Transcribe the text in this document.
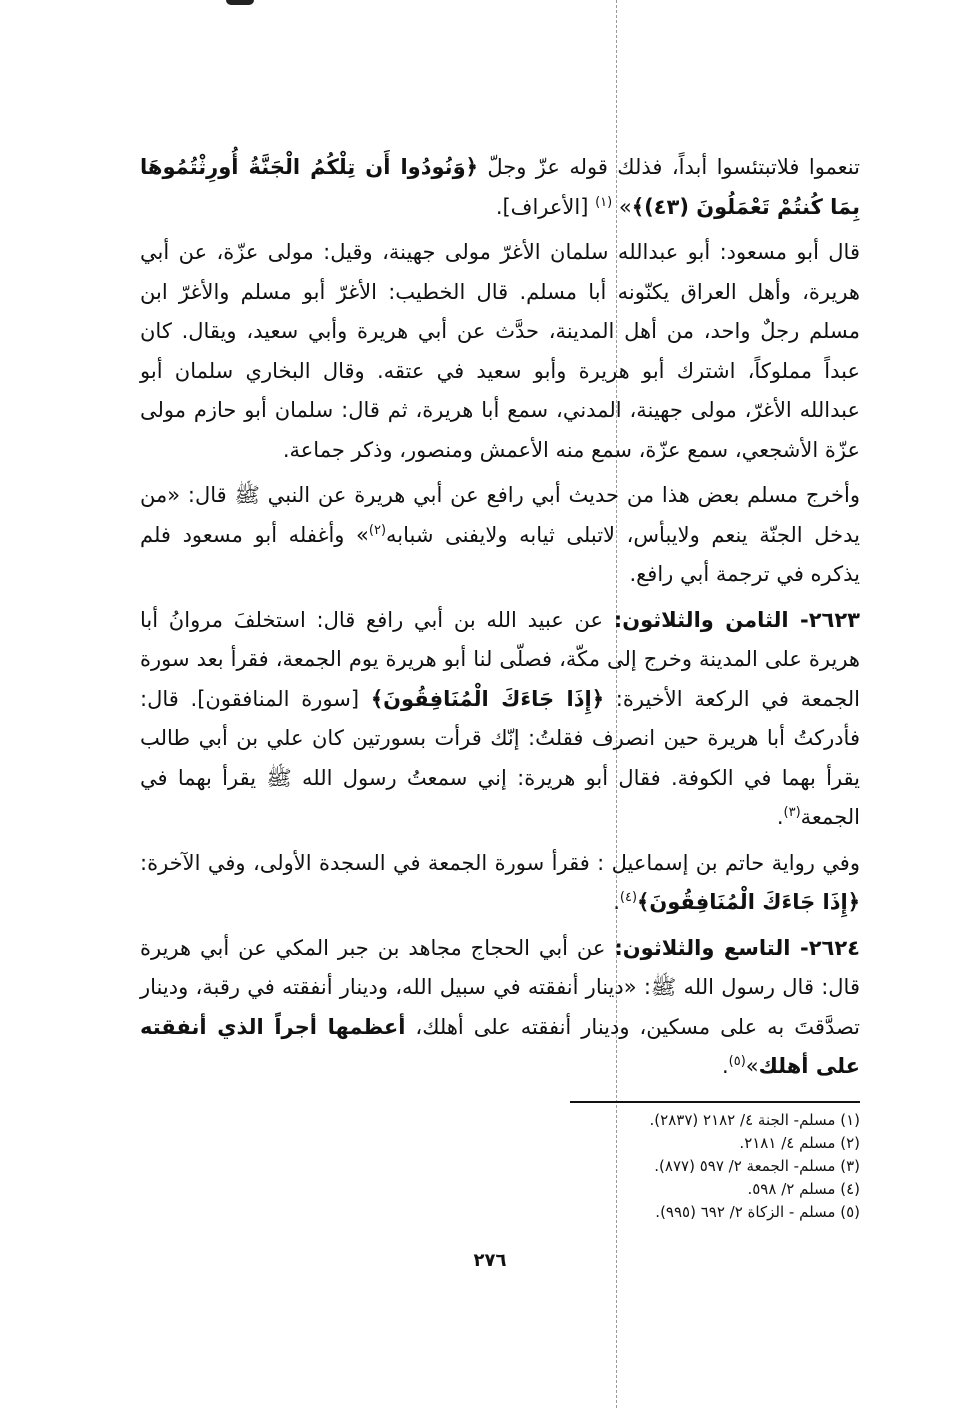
تنعموا فلاتبتئسوا أبداً، فذلك قوله عزّ وجلّ ﴿وَنُودُوا أَن تِلْكُمُ الْجَنَّةُ أُورِثْتُمُوهَا بِمَا كُنتُمْ تَعْمَلُونَ (٤٣)﴾» $^{(١)}$ [الأعراف].

قال أبو مسعود: أبو عبدالله سلمان الأغرّ مولى جهينة، وقيل: مولى عزّة، عن أبي هريرة، وأهل العراق يكنّونه أبا مسلم. قال الخطيب: الأغرّ أبو مسلم والأغرّ ابن مسلم رجلٌ واحد، من أهل المدينة، حدَّث عن أبي هريرة وأبي سعيد، ويقال. كان عبداً مملوكاً، اشترك أبو هريرة وأبو سعيد في عتقه. وقال البخاري سلمان أبو عبدالله الأغرّ، مولى جهينة، المدني، سمع أبا هريرة، ثم قال: سلمان أبو حازم مولى عزّة الأشجعي، سمع عزّة، سمع منه الأعمش ومنصور، وذكر جماعة.

وأخرج مسلم بعض هذا من حديث أبي رافع عن أبي هريرة عن النبي ﷺ قال: «من يدخل الجنّة ينعم ولايبأس، لاتبلى ثيابه ولايفنى شبابه$^{(٢)}$» وأغفله أبو مسعود فلم يذكره في ترجمة أبي رافع.

٢٦٢٣- الثامن والثلاثون: عن عبيد الله بن أبي رافع قال: استخلفَ مروانُ أبا هريرة على المدينة وخرج إلى مكّة، فصلّى لنا أبو هريرة يوم الجمعة، فقرأ بعد سورة الجمعة في الركعة الأخيرة: ﴿إِذَا جَاءَكَ الْمُنَافِقُونَ﴾ [سورة المنافقون]. قال: فأدركتُ أبا هريرة حين انصرف فقلتُ: إنّك قرأت بسورتين كان علي بن أبي طالب يقرأ بهما في الكوفة. فقال أبو هريرة: إني سمعتُ رسول الله ﷺ يقرأ بهما في الجمعة$^{(٣)}$.

وفي رواية حاتم بن إسماعيل : فقرأ سورة الجمعة في السجدة الأولى، وفي الآخرة: ﴿إِذَا جَاءَكَ الْمُنَافِقُونَ﴾$^{(٤)}$.

٢٦٢٤- التاسع والثلاثون: عن أبي الحجاج مجاهد بن جبر المكي عن أبي هريرة قال: قال رسول الله ﷺ: «دينار أنفقته في سبيل الله، ودينار أنفقته في رقبة، ودينار تصدَّقتَ به على مسكين، ودينار أنفقته على أهلك، أعظمها أجراً الذي أنفقته على أهلك»$^{(٥)}$.

(١) مسلم- الجنة ٤/ ٢١٨٢ (٢٨٣٧).
(٢) مسلم ٤/ ٢١٨١.
(٣) مسلم- الجمعة ٢/ ٥٩٧ (٨٧٧).
(٤) مسلم ٢/ ٥٩٨.
(٥) مسلم - الزكاة ٢/ ٦٩٢ (٩٩٥).
٢٧٦
